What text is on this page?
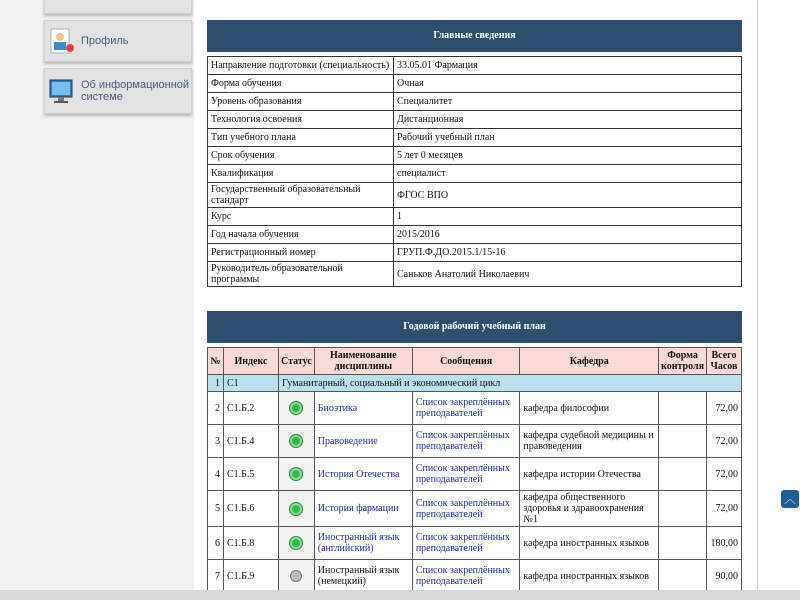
Профиль
Об информационной системе
Главные сведения
Направление подготовки (специальность)	33.05.01 Фармация
Форма обучения	Очная
Уровень образования	Специалитет
Технология освоения	Дистанционная
Тип учебного плана	Рабочий учебный план
Срок обучения	5 лет 0 месяцев
Квалификация	специалист
Государственный образовательный стандарт	ФГОС ВПО
Курс	1
Год начала обучения	2015/2016
Регистрационный номер	ГРУП.Ф.ДО.2015.1/15-16
Руководитель образовательной программы	Саньков Анатолий Николаевич
Годовой рабочий учебный план
№	Индекс	Статус	Наименование дисциплины	Сообщения	Кафедра	Форма контроля	Всего Часов
1	С1	Гуманитарный, социальный и экономический цикл					
2	С1.Б.2		Биоэтика	Список закреплённых преподавателей	кафедра философии		72,00
3	С1.Б.4		Правоведение	Список закреплённых преподавателей	кафедра судебной медицины и правоведения		72,00
4	С1.Б.5		История Отечества	Список закреплённых преподавателей	кафедра истории Отечества		72,00
5	С1.Б.6		История фармации	Список закреплённых преподавателей	кафедра общественного здоровья и здравоохранения №1		72,00
6	С1.Б.8		Иностранный язык (английский)	Список закреплённых преподавателей	кафедра иностранных языков		180,00
7	С1.Б.9		Иностранный язык (немецкий)	Список закреплённых преподавателей	кафедра иностранных языков		90,00
︿
